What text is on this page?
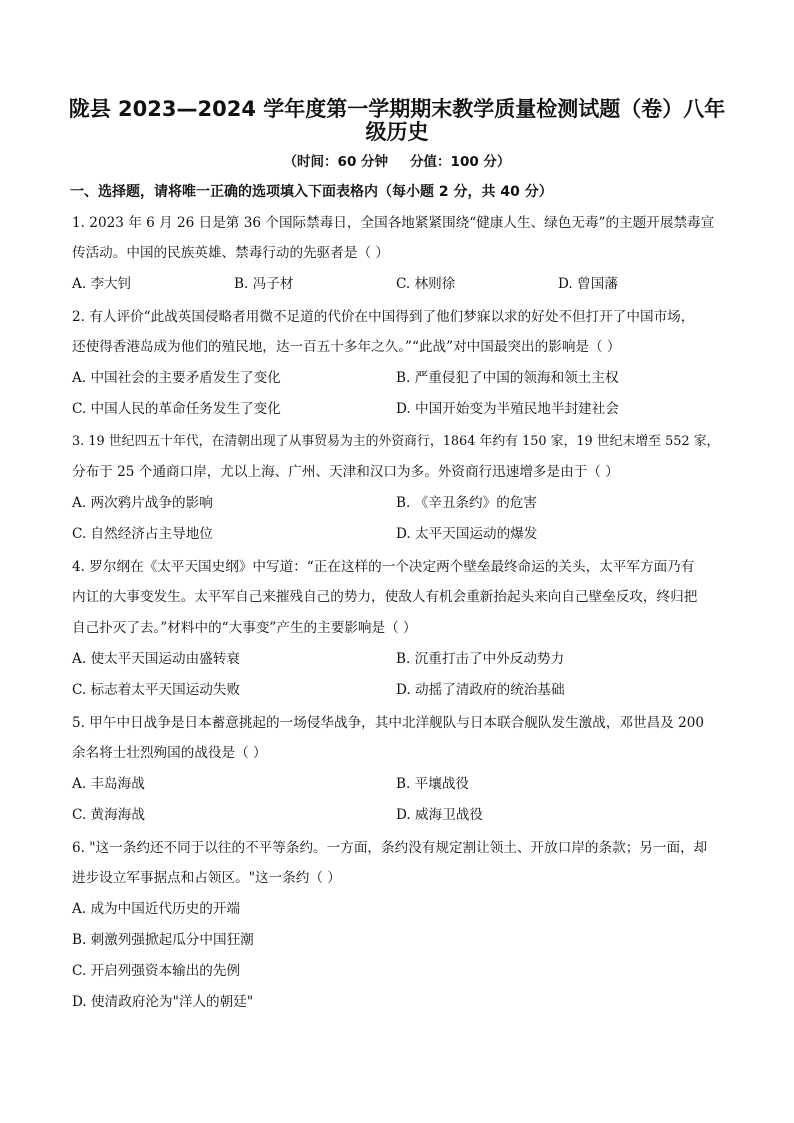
陇县 2023—2024 学年度第一学期期末教学质量检测试题（卷）八年
级历史
（时间：60 分钟 分值：100 分）
一、选择题，请将唯一正确的选项填入下面表格内（每小题 2 分，共 40 分）
1. 2023 年 6 月 26 日是第 36 个国际禁毒日，全国各地紧紧围绕“健康人生、绿色无毒”的主题开展禁毒宣
传活动。中国的民族英雄、禁毒行动的先驱者是（ ）
A. 李大钊	B. 冯子材	C. 林则徐	D. 曾国藩
2. 有人评价“此战英国侵略者用微不足道的代价在中国得到了他们梦寐以求的好处不但打开了中国市场，
还使得香港岛成为他们的殖民地，达一百五十多年之久。”“此战”对中国最突出的影响是（ ）
A. 中国社会的主要矛盾发生了变化	B. 严重侵犯了中国的领海和领土主权
C. 中国人民的革命任务发生了变化	D. 中国开始变为半殖民地半封建社会
3. 19 世纪四五十年代，在清朝出现了从事贸易为主的外资商行，1864 年约有 150 家，19 世纪末增至 552 家，
分布于 25 个通商口岸，尤以上海、广州、天津和汉口为多。外资商行迅速增多是由于（ ）
A. 两次鸦片战争的影响	B. 《辛丑条约》的危害
C. 自然经济占主导地位	D. 太平天国运动的爆发
4. 罗尔纲在《太平天国史纲》中写道：“正在这样的一个决定两个壁垒最终命运的关头，太平军方面乃有
内讧的大事变发生。太平军自己来摧残自己的势力，使敌人有机会重新抬起头来向自己壁垒反攻，终归把
自己扑灭了去。”材料中的“大事变”产生的主要影响是（ ）
A. 使太平天国运动由盛转衰	B. 沉重打击了中外反动势力
C. 标志着太平天国运动失败	D. 动摇了清政府的统治基础
5. 甲午中日战争是日本蓄意挑起的一场侵华战争，其中北洋舰队与日本联合舰队发生激战，邓世昌及 200
余名将士壮烈殉国的战役是（ ）
A. 丰岛海战	B. 平壤战役
C. 黄海海战	D. 威海卫战役
6. "这一条约还不同于以往的不平等条约。一方面，条约没有规定割让领土、开放口岸的条款；另一面，却
进步设立军事据点和占领区。"这一条约（ ）
A. 成为中国近代历史的开端
B. 刺激列强掀起瓜分中国狂潮
C. 开启列强资本输出的先例
D. 使清政府沦为"洋人的朝廷"
